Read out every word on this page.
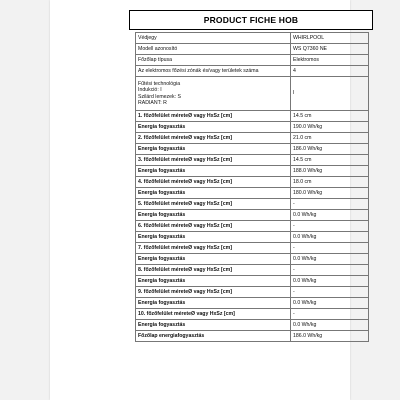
PRODUCT FICHE HOB
Védjegy	WHIRLPOOL
Modell azonosító	WS Q7360 NE
Főzőlap típusa	Elektromos
Az elektromos főzési zónák és/vagy területek száma	4

Fűtési technológia
Indukció: I
Szilárd lemezek: S
RADIANT: R	I
1. főzőfelület méreteØ vagy HxSz [cm]	14.5 cm
Energia fogyasztás	190.0 Wh/kg
2. főzőfelület méreteØ vagy HxSz [cm]	21.0 cm
Energia fogyasztás	186.0 Wh/kg
3. főzőfelület méreteØ vagy HxSz [cm]	14.5 cm
Energia fogyasztás	188.0 Wh/kg
4. főzőfelület méreteØ vagy HxSz [cm]	18.0 cm
Energia fogyasztás	180.0 Wh/kg
5. főzőfelület méreteØ vagy HxSz [cm]	-
Energia fogyasztás	0.0 Wh/kg
6. főzőfelület méreteØ vagy HxSz [cm]	-
Energia fogyasztás	0.0 Wh/kg
7. főzőfelület méreteØ vagy HxSz [cm]	-
Energia fogyasztás	0.0 Wh/kg
8. főzőfelület méreteØ vagy HxSz [cm]	-
Energia fogyasztás	0.0 Wh/kg
9. főzőfelület méreteØ vagy HxSz [cm]	-
Energia fogyasztás	0.0 Wh/kg
10. főzőfelület méreteØ vagy HxSz [cm]	-
Energia fogyasztás	0.0 Wh/kg
Főzőlap energiafogyasztás	186.0 Wh/kg
